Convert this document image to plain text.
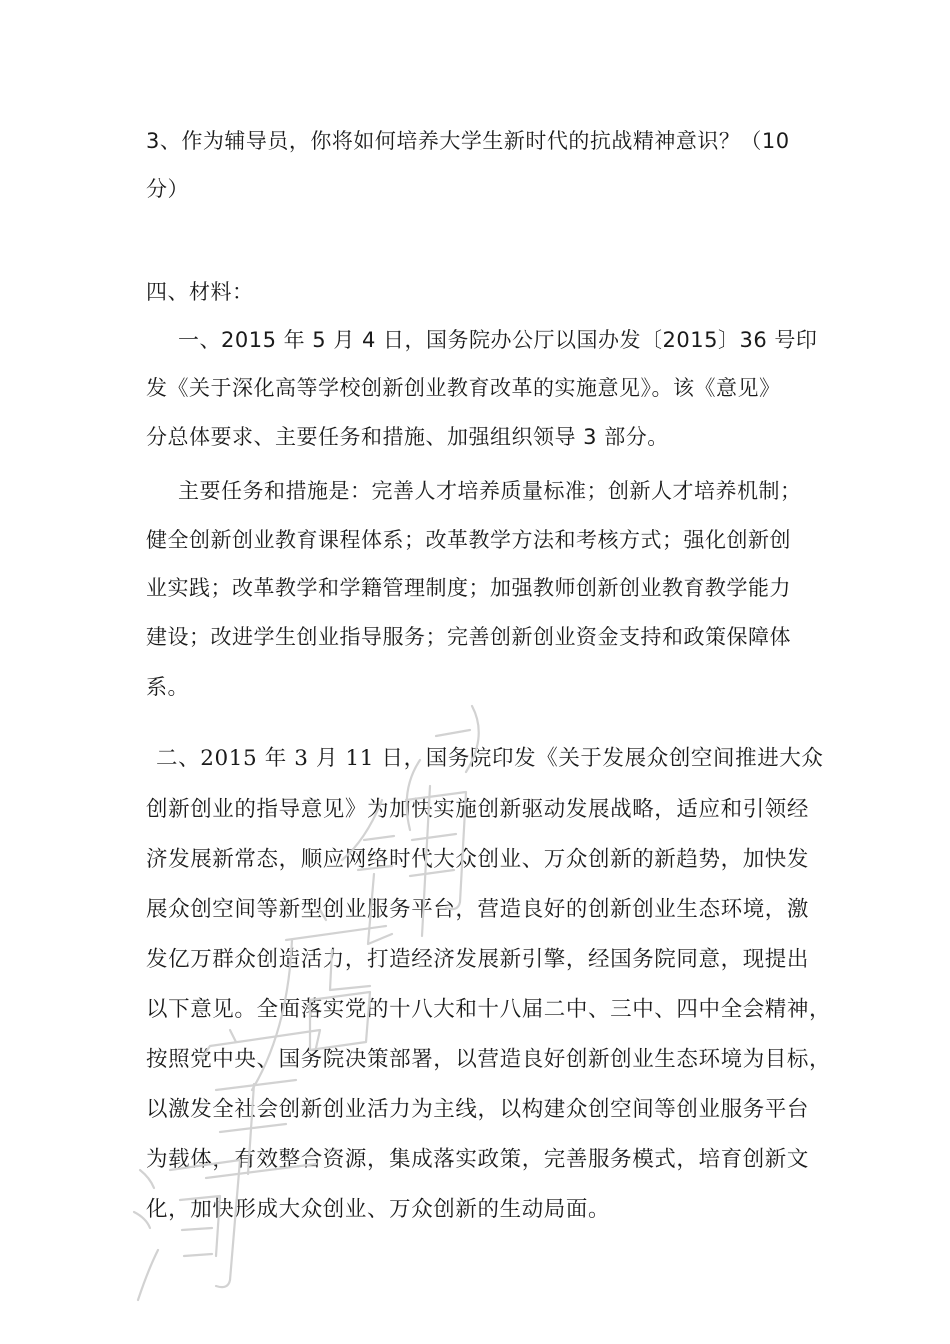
3、作为辅导员，你将如何培养大学生新时代的抗战精神意识？（10
分）
四、材料：
一、2015 年 5 月 4 日，国务院办公厅以国办发〔2015〕36 号印
发《关于深化高等学校创新创业教育改革的实施意见》。该《意见》
分总体要求、主要任务和措施、加强组织领导 3 部分。
主要任务和措施是：完善人才培养质量标准；创新人才培养机制；
健全创新创业教育课程体系；改革教学方法和考核方式；强化创新创
业实践；改革教学和学籍管理制度；加强教师创新创业教育教学能力
建设；改进学生创业指导服务；完善创新创业资金支持和政策保障体
系。
二、2015 年 3 月 11 日，国务院印发《关于发展众创空间推进大众
创新创业的指导意见》为加快实施创新驱动发展战略，适应和引领经
济发展新常态，顺应网络时代大众创业、万众创新的新趋势，加快发
展众创空间等新型创业服务平台，营造良好的创新创业生态环境，激
发亿万群众创造活力，打造经济发展新引擎，经国务院同意，现提出
以下意见。全面落实党的十八大和十八届二中、三中、四中全会精神，
按照党中央、国务院决策部署，以营造良好创新创业生态环境为目标，
以激发全社会创新创业活力为主线，以构建众创空间等创业服务平台
为载体，有效整合资源，集成落实政策，完善服务模式，培育创新文
化，加快形成大众创业、万众创新的生动局面。
